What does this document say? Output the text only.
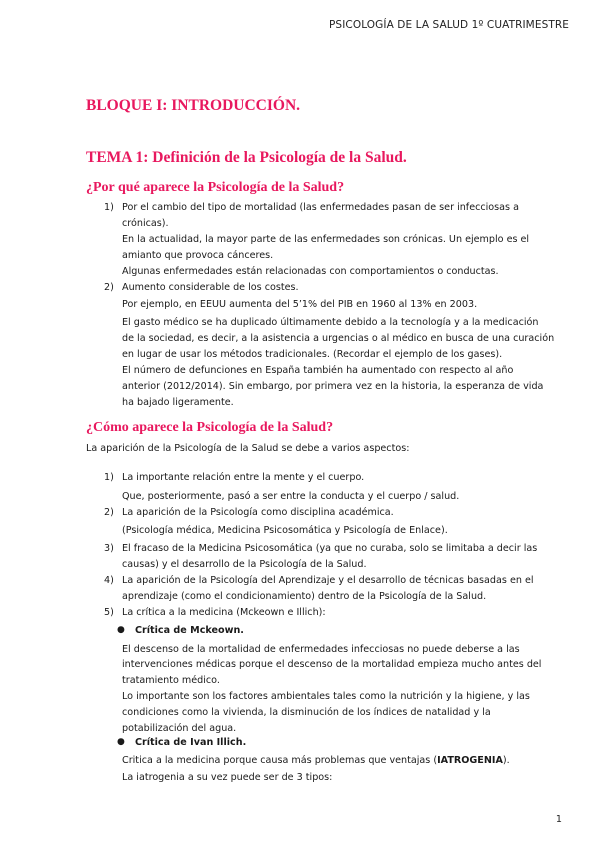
PSICOLOGÍA DE LA SALUD 1º CUATRIMESTRE
BLOQUE I: INTRODUCCIÓN.
TEMA 1: Definición de la Psicología de la Salud.
¿Por qué aparece la Psicología de la Salud?
1) Por el cambio del tipo de mortalidad (las enfermedades pasan de ser infecciosas a
crónicas).
En la actualidad, la mayor parte de las enfermedades son crónicas. Un ejemplo es el
amianto que provoca cánceres.
Algunas enfermedades están relacionadas con comportamientos o conductas.
2) Aumento considerable de los costes.
Por ejemplo, en EEUU aumenta del 5’1% del PIB en 1960 al 13% en 2003.
El gasto médico se ha duplicado últimamente debido a la tecnología y a la medicación
de la sociedad, es decir, a la asistencia a urgencias o al médico en busca de una curación
en lugar de usar los métodos tradicionales. (Recordar el ejemplo de los gases).
El número de defunciones en España también ha aumentado con respecto al año
anterior (2012/2014). Sin embargo, por primera vez en la historia, la esperanza de vida
ha bajado ligeramente.
¿Cómo aparece la Psicología de la Salud?
La aparición de la Psicología de la Salud se debe a varios aspectos:
1) La importante relación entre la mente y el cuerpo.
Que, posteriormente, pasó a ser entre la conducta y el cuerpo / salud.
2) La aparición de la Psicología como disciplina académica.
(Psicología médica, Medicina Psicosomática y Psicología de Enlace).
3) El fracaso de la Medicina Psicosomática (ya que no curaba, solo se limitaba a decir las
causas) y el desarrollo de la Psicología de la Salud.
4) La aparición de la Psicología del Aprendizaje y el desarrollo de técnicas basadas en el
aprendizaje (como el condicionamiento) dentro de la Psicología de la Salud.
5) La crítica a la medicina (Mckeown e Illich):
● Crítica de Mckeown.
El descenso de la mortalidad de enfermedades infecciosas no puede deberse a las
intervenciones médicas porque el descenso de la mortalidad empieza mucho antes del
tratamiento médico.
Lo importante son los factores ambientales tales como la nutrición y la higiene, y las
condiciones como la vivienda, la disminución de los índices de natalidad y la
potabilización del agua.
● Crítica de Ivan Illich.
Critica a la medicina porque causa más problemas que ventajas (IATROGENIA).
La iatrogenia a su vez puede ser de 3 tipos:
1
